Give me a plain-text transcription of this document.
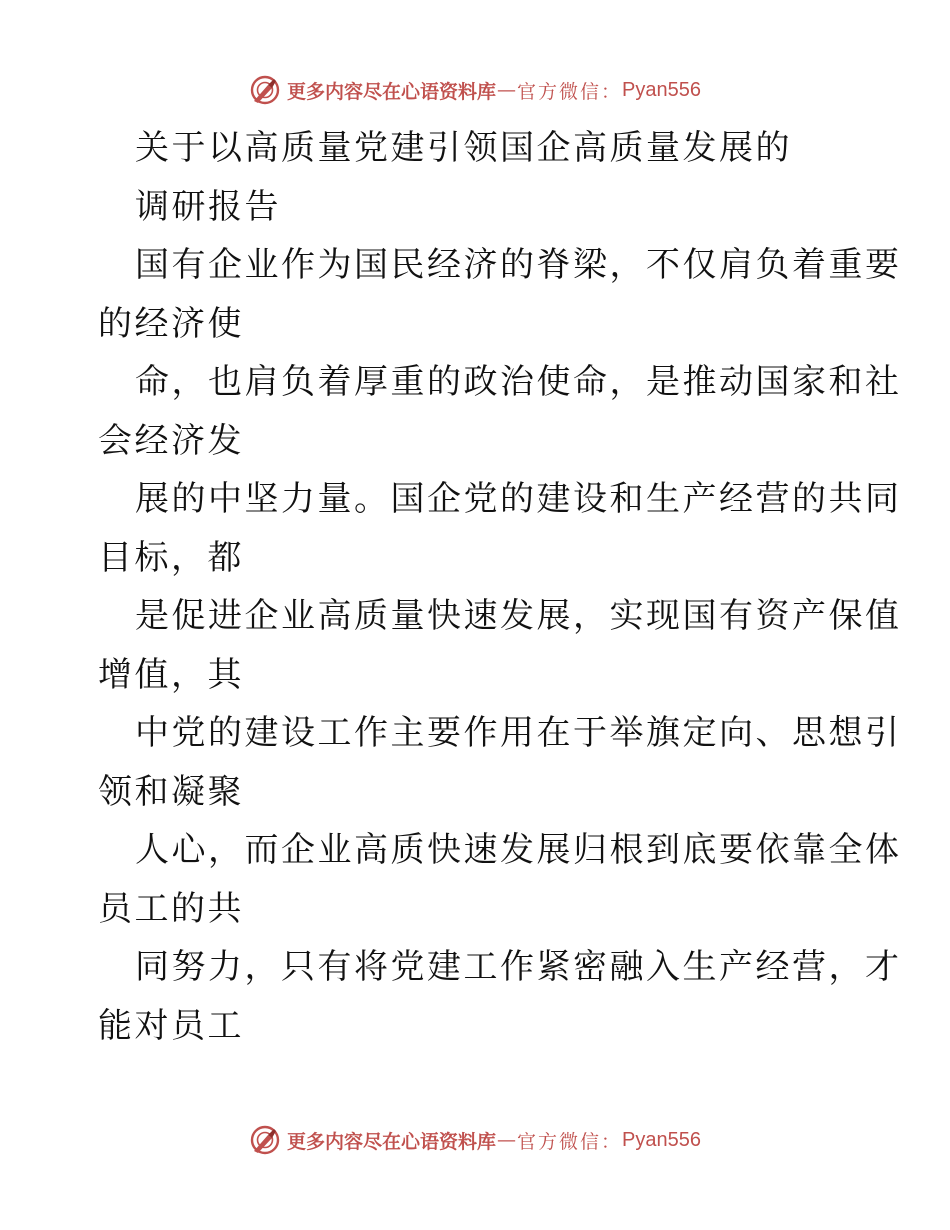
更多内容尽在心语资料库 — 官方微信： Pyan556
关于以高质量党建引领国企高质量发展的
调研报告
国有企业作为国民经济的脊梁，不仅肩负着重要
的经济使
命，也肩负着厚重的政治使命，是推动国家和社
会经济发
展的中坚力量。国企党的建设和生产经营的共同
目标，都
是促进企业高质量快速发展，实现国有资产保值
增值，其
中党的建设工作主要作用在于举旗定向、思想引
领和凝聚
人心，而企业高质快速发展归根到底要依靠全体
员工的共
同努力，只有将党建工作紧密融入生产经营，才
能对员工
更多内容尽在心语资料库 — 官方微信： Pyan556
